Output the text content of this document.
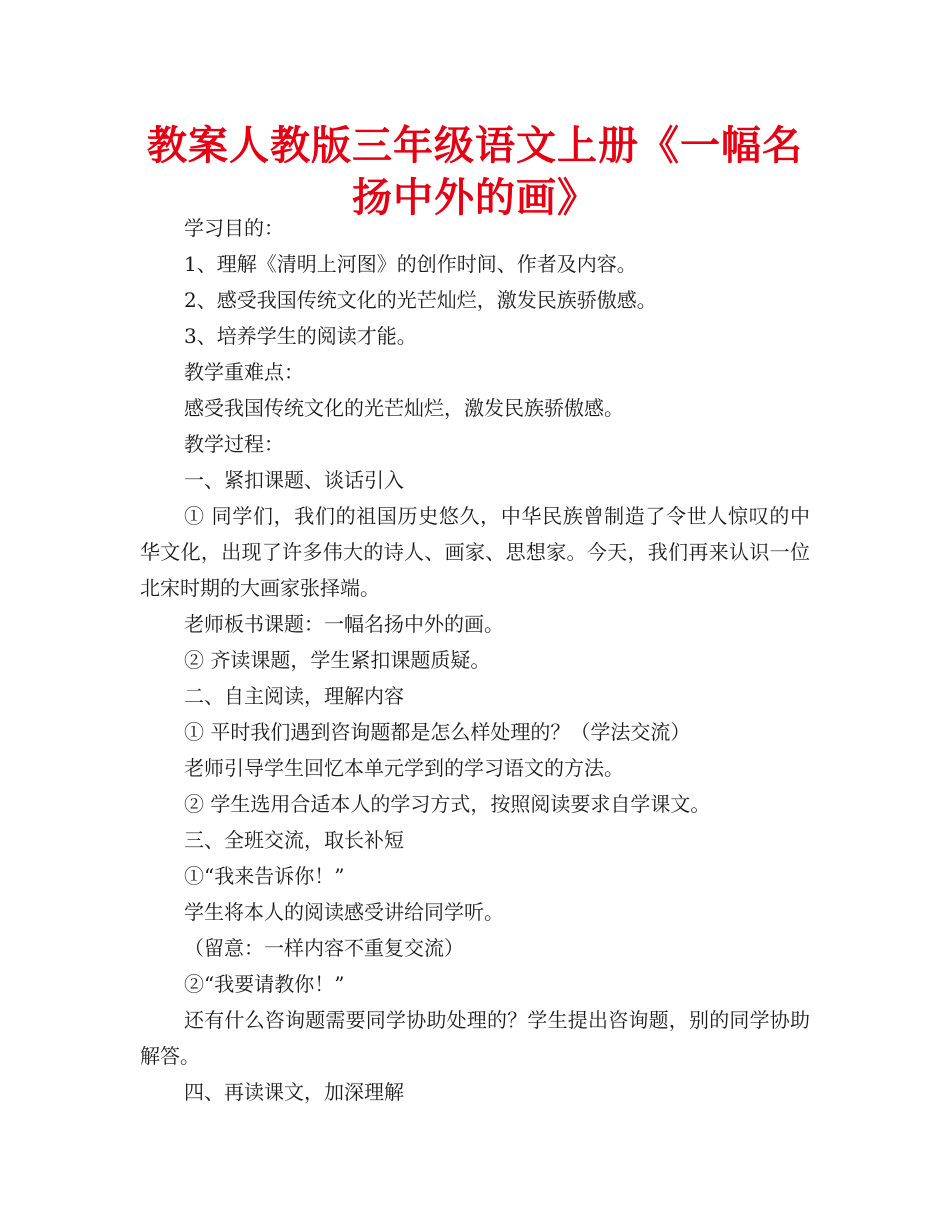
教案人教版三年级语文上册《一幅名扬中外的画》

学习目的：

1、理解《清明上河图》的创作时间、作者及内容。

2、感受我国传统文化的光芒灿烂，激发民族骄傲感。

3、培养学生的阅读才能。

教学重难点：

感受我国传统文化的光芒灿烂，激发民族骄傲感。

教学过程：

一、紧扣课题、谈话引入

① 同学们，我们的祖国历史悠久，中华民族曾制造了令世人惊叹的中华文化，出现了许多伟大的诗人、画家、思想家。今天，我们再来认识一位北宋时期的大画家张择端。

老师板书课题：一幅名扬中外的画。

② 齐读课题，学生紧扣课题质疑。

二、自主阅读，理解内容

① 平时我们遇到咨询题都是怎么样处理的？（学法交流）

老师引导学生回忆本单元学到的学习语文的方法。

② 学生选用合适本人的学习方式，按照阅读要求自学课文。

三、全班交流，取长补短

①“我来告诉你！”

学生将本人的阅读感受讲给同学听。

（留意：一样内容不重复交流）

②“我要请教你！”

还有什么咨询题需要同学协助处理的？学生提出咨询题，别的同学协助解答。

四、再读课文，加深理解
